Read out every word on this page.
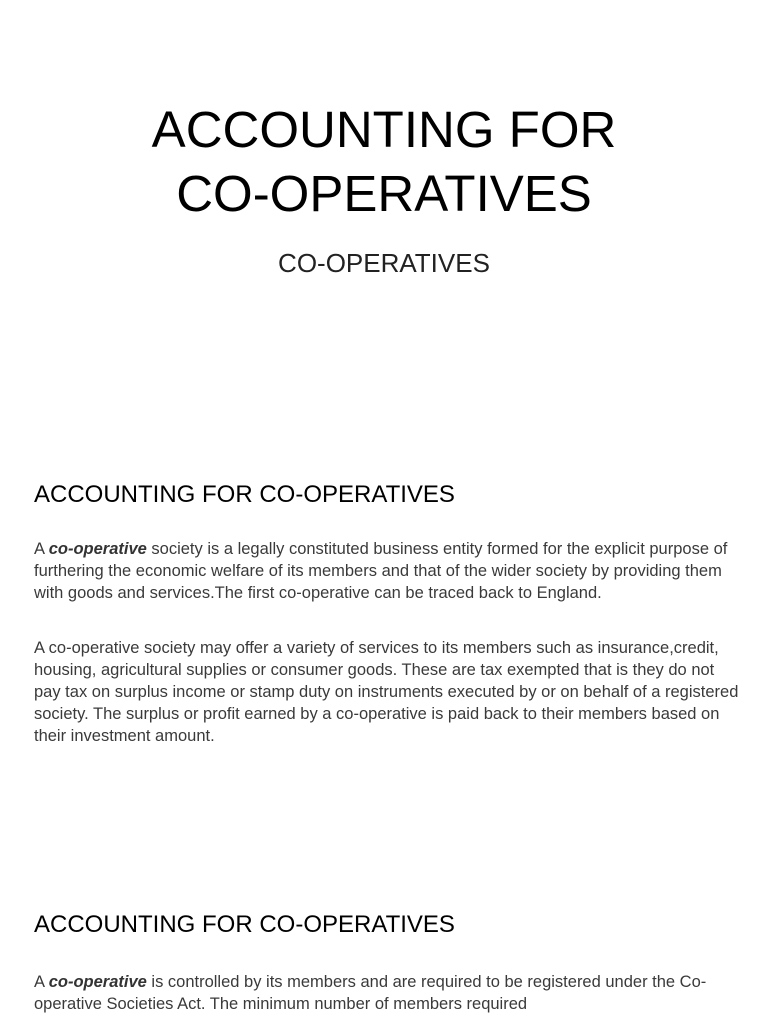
ACCOUNTING FOR
CO-OPERATIVES

CO-OPERATIVES

ACCOUNTING FOR CO-OPERATIVES

A co-operative society is a legally constituted business entity formed for the explicit purpose of furthering the economic welfare of its members and that of the wider society by providing them with goods and services.The first co-operative can be traced back to England.

A co-operative society may offer a variety of services to its members such as insurance,credit, housing, agricultural supplies or consumer goods. These are tax exempted that is they do not pay tax on surplus income or stamp duty on instruments executed by or on behalf of a registered society. The surplus or profit earned by a co-operative is paid back to their members based on their investment amount.

ACCOUNTING FOR CO-OPERATIVES

A co-operative is controlled by its members and are required to be registered under the Co-operative Societies Act. The minimum number of members required
